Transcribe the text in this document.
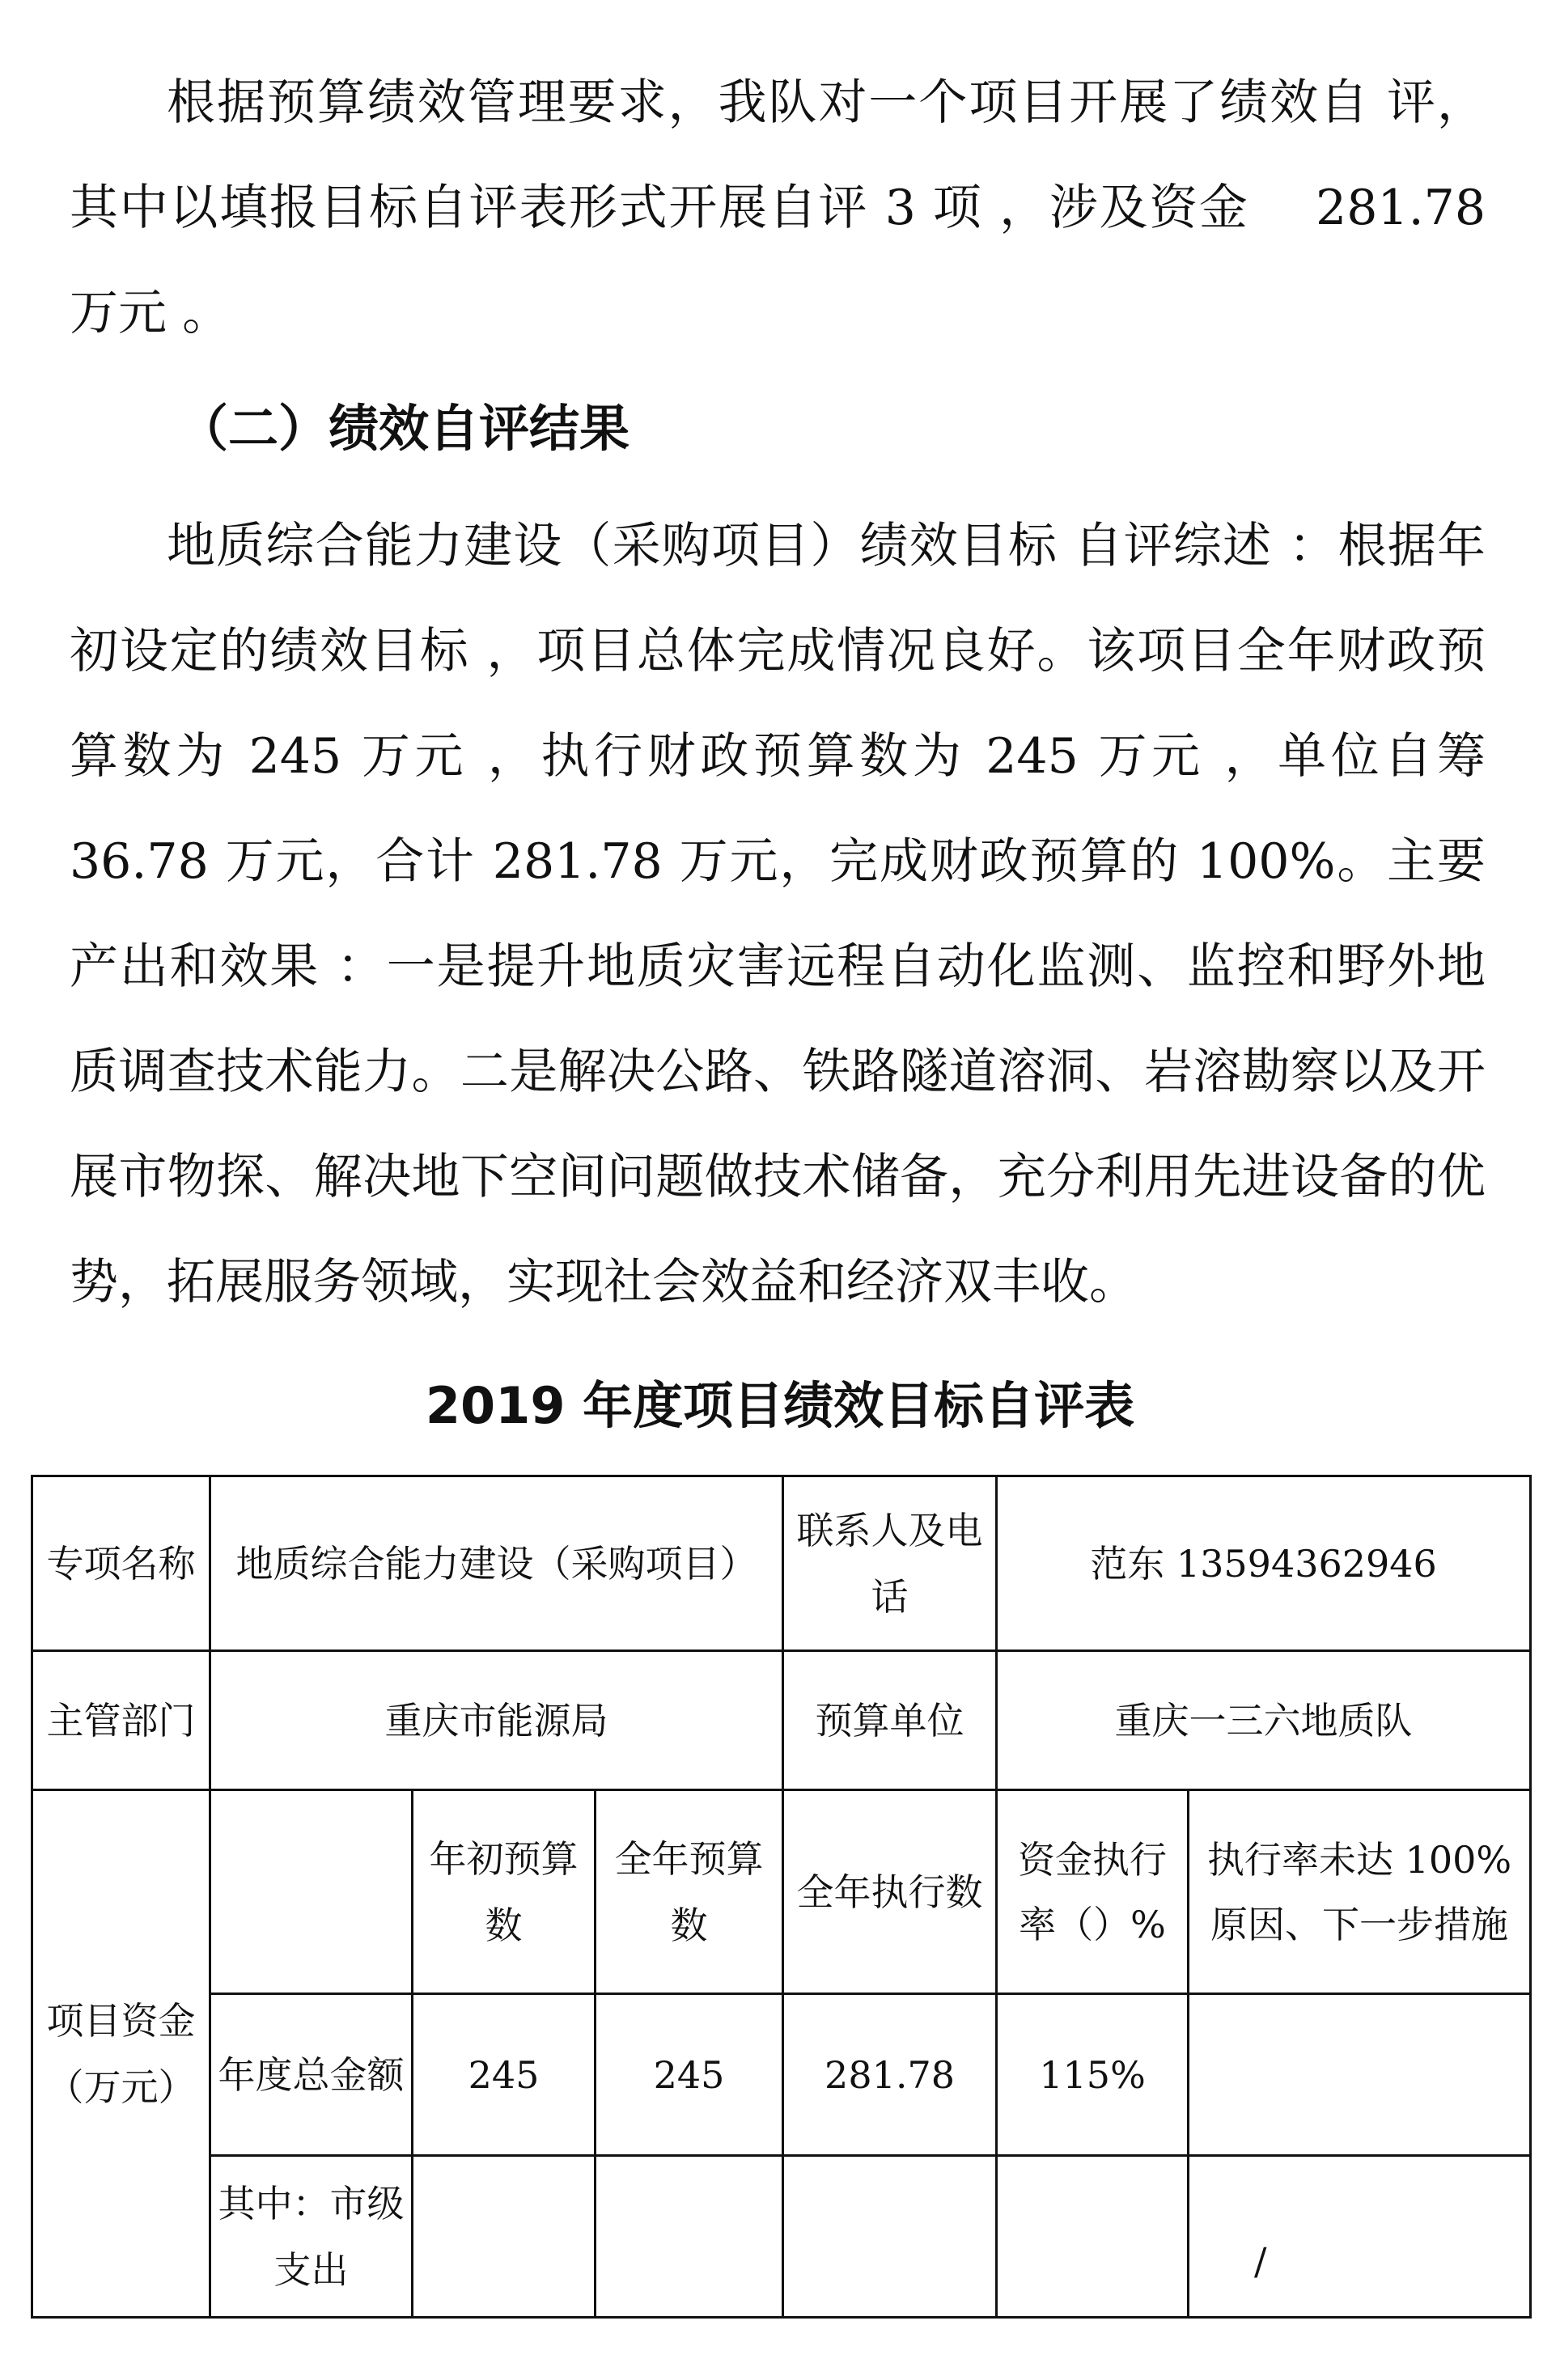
根据预算绩效管理要求，我队对一个项目开展了绩效自 评，其中以填报目标自评表形式开展自评 3 项 ，涉及资金　 281.78 万元 。

（二）绩效自评结果

地质综合能力建设（采购项目）绩效目标 自评综述 ：根据年初设定的绩效目标 ，项目总体完成情况良好。该项目全年财政预算数为 245 万元 ，执行财政预算数为 245 万元 ，单位自筹 36.78 万元，合计 281.78 万元，完成财政预算的 100%。主要产出和效果 ：一是提升地质灾害远程自动化监测、监控和野外地质调查技术能力。二是解决公路、铁路隧道溶洞、岩溶勘察以及开展市物探、解决地下空间问题做技术储备，充分利用先进设备的优势，拓展服务领域，实现社会效益和经济双丰收。

2019 年度项目绩效目标自评表
专项名称	地质综合能力建设（采购项目）			联系人及电话	范东 13594362946	
主管部门	重庆市能源局			预算单位	重庆一三六地质队	
项目资金（万元）		年初预算数	全年预算数	全年执行数	资金执行率（）%	执行率未达 100%原因、下一步措施
	年度总金额	245	245	281.78	115%	
	其中：市级支出					/
